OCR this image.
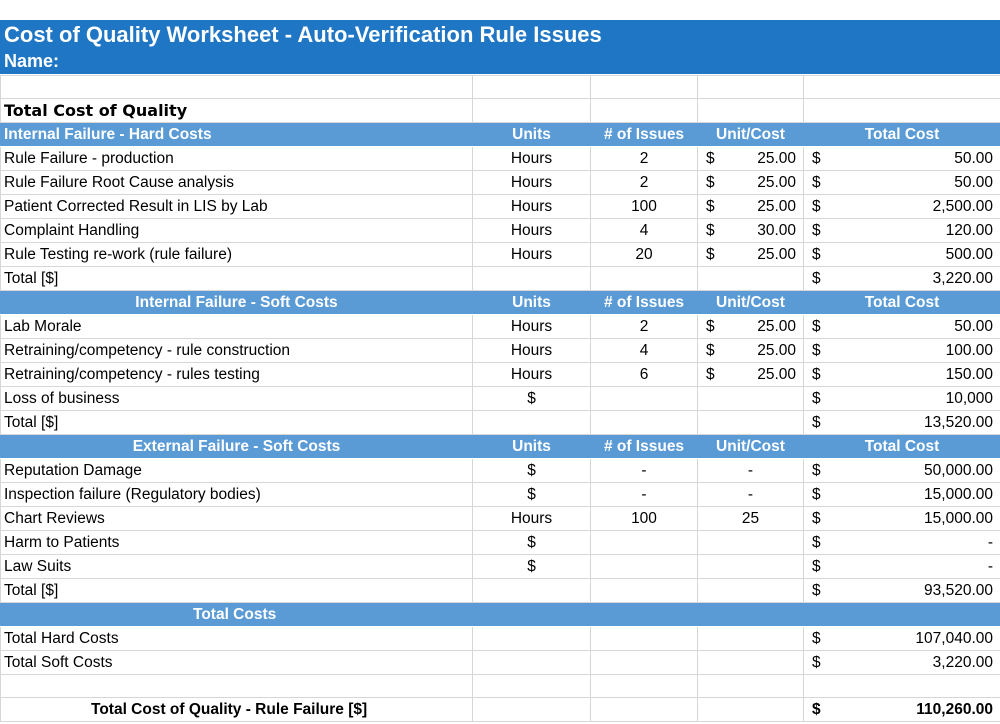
Cost of Quality Worksheet - Auto-Verification Rule Issues
Name:

Total Cost of Quality				
Internal Failure - Hard Costs	Units	# of Issues	Unit/Cost	Total Cost
Rule Failure - production	Hours	2	$ 25.00	$ 50.00

Rule Failure Root Cause analysis	Hours	2	$ 25.00	$ 50.00

Patient Corrected Result in LIS by Lab	Hours	100	$ 25.00	$ 2,500.00

Complaint Handling	Hours	4	$ 30.00	$ 120.00

Rule Testing re-work (rule failure)	Hours	20	$ 25.00	$ 500.00

Total [$]				$ 3,220.00

Internal Failure - Soft Costs	Units	# of Issues	Unit/Cost	Total Cost
Lab Morale	Hours	2	$ 25.00	$ 50.00

Retraining/competency - rule construction	Hours	4	$ 25.00	$ 100.00

Retraining/competency - rules testing	Hours	6	$ 25.00	$ 150.00

Loss of business	$			$ 10,000

Total [$]				$ 13,520.00

External Failure - Soft Costs	Units	# of Issues	Unit/Cost	Total Cost
Reputation Damage	$	-	-	$ 50,000.00

Inspection failure (Regulatory bodies)	$	-	-	$ 15,000.00

Chart Reviews	Hours	100	25	$ 15,000.00

Harm to Patients	$			$ -

Law Suits	$			$ -

Total [$]				$ 93,520.00

Total Costs				
Total Hard Costs				$ 107,040.00

Total Soft Costs				$ 3,220.00

Total Cost of Quality - Rule Failure [$]				$ 110,260.00
